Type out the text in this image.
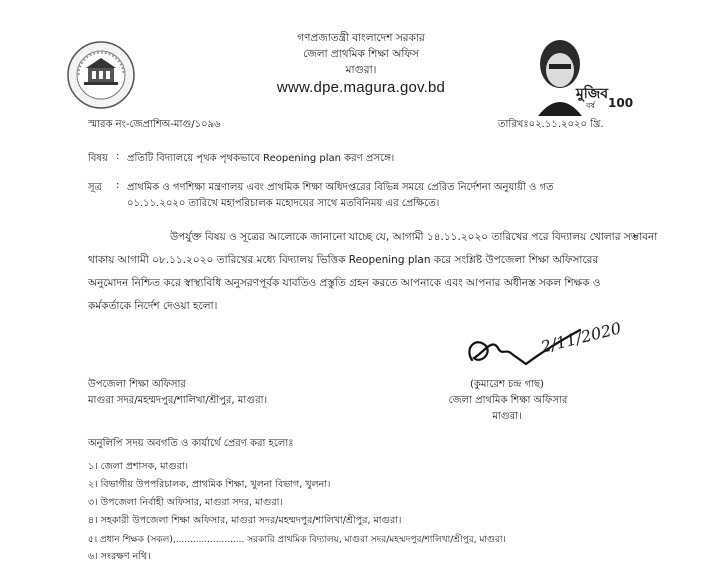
গণপ্রজাতন্ত্রী বাংলাদেশ সরকার
জেলা প্রাথমিক শিক্ষা অফিস
মাগুরা।
www.dpe.magura.gov.bd	মুজিব
বর্ষ 100
স্মারক নং-জেপ্রাশিঅ-মাগু/১০৯৬	তারিখঃ০২.১১.২০২০ খ্রি.
বিষয় : প্রতিটি বিদ্যালয়ে পৃথক পৃথকভাবে Reopening plan করণ প্রসঙ্গে।
সূত্র : প্রাথমিক ও গণশিক্ষা মন্ত্রণালয় এবং প্রাথমিক শিক্ষা অধিদপ্তরের বিভিন্ন সময়ে প্রেরিত নির্দেশনা অনুযায়ী ও গত
০১.১১.২০২০ তারিখে মহাপরিচালক মহোদয়ের সাথে মতবিনিময় এর প্রেক্ষিতে।
উপর্যুক্ত বিষয় ও সূত্রের আলোকে জানানো যাচ্ছে যে, আগামী ১৪.১১.২০২০ তারিখের পরে বিদ্যালয় খোলার সম্ভাবনা
থাকায় আগামী ০৮.১১.২০২০ তারিখের মধ্যে বিদ্যালয় ভিত্তিক Reopening plan করে সংশ্লিষ্ট উপজেলা শিক্ষা অফিসারের
অনুমোদন নিশ্চিত করে স্বাস্থ্যবিধি অনুসরণপূর্বক যাবতিও প্রস্তুতি গ্রহন করতে আপনাকে এবং আপনার অধীনস্ত সকল শিক্ষক ও
কর্মকর্তাকে নির্দেশ দেওয়া হলো।
2/11/2020
উপজেলা শিক্ষা অফিসার
মাগুরা সদর/মহম্মদপুর/শালিখা/শ্রীপুর, মাগুরা।
(কুমারেশ চন্দ্র গাছ)
জেলা প্রাথমিক শিক্ষা অফিসার
মাগুরা।
অনুলিপি সদয় অবগতি ও কার্যার্থে প্রেরণ করা হলোঃ
১। জেলা প্রশাসক, মাগুরা।
২। বিভাগীয় উপপরিচালক, প্রাথমিক শিক্ষা, খুলনা বিভাগ, খুলনা।
৩। উপজেলা নির্বাহী অফিসার, মাগুরা সদর, মাগুরা।
৪। সহকারী উপজেলা শিক্ষা অফিসার, মাগুরা সদর/মহম্মদপুর/শালিখা/শ্রীপুর, মাগুরা।
৫। প্রধান শিক্ষক (সকল),........................ সরকারি প্রাথমিক বিদ্যালয়, মাগুরা সদর/মহম্মদপুর/শালিখা/শ্রীপুর, মাগুরা।
৬। সংরক্ষণ নথি।
